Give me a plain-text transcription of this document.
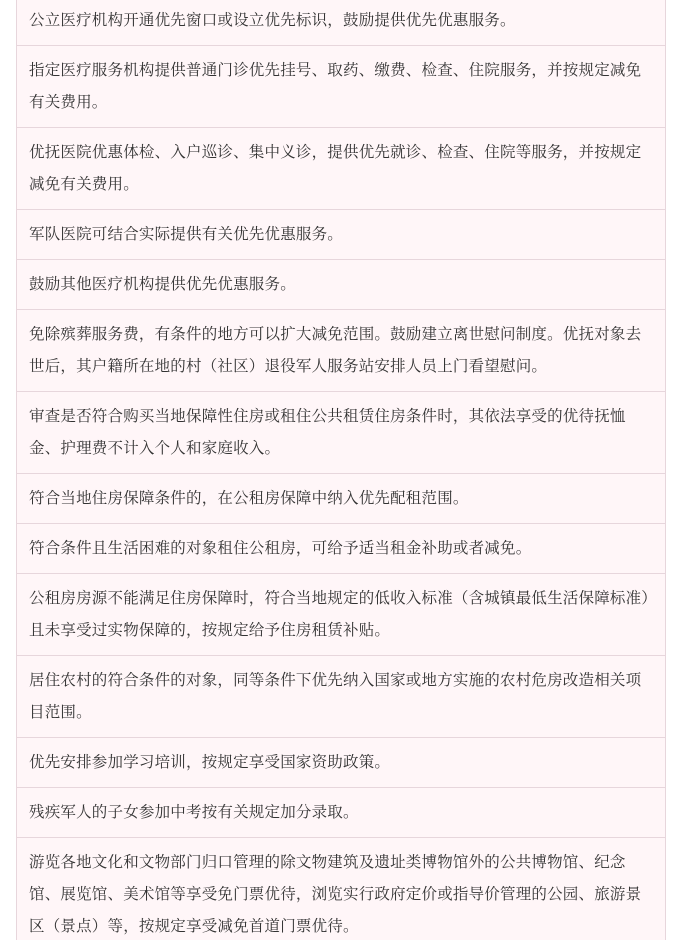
公立医疗机构开通优先窗口或设立优先标识，鼓励提供优先优惠服务。
指定医疗服务机构提供普通门诊优先挂号、取药、缴费、检查、住院服务，并按规定减免有关费用。
优抚医院优惠体检、入户巡诊、集中义诊，提供优先就诊、检查、住院等服务，并按规定减免有关费用。
军队医院可结合实际提供有关优先优惠服务。
鼓励其他医疗机构提供优先优惠服务。
免除殡葬服务费，有条件的地方可以扩大减免范围。鼓励建立离世慰问制度。优抚对象去世后，其户籍所在地的村（社区）退役军人服务站安排人员上门看望慰问。
审查是否符合购买当地保障性住房或租住公共租赁住房条件时，其依法享受的优待抚恤金、护理费不计入个人和家庭收入。
符合当地住房保障条件的，在公租房保障中纳入优先配租范围。
符合条件且生活困难的对象租住公租房，可给予适当租金补助或者减免。
公租房房源不能满足住房保障时，符合当地规定的低收入标准（含城镇最低生活保障标准）且未享受过实物保障的，按规定给予住房租赁补贴。
居住农村的符合条件的对象，同等条件下优先纳入国家或地方实施的农村危房改造相关项目范围。
优先安排参加学习培训，按规定享受国家资助政策。
残疾军人的子女参加中考按有关规定加分录取。
游览各地文化和文物部门归口管理的除文物建筑及遗址类博物馆外的公共博物馆、纪念馆、展览馆、美术馆等享受免门票优待，浏览实行政府定价或指导价管理的公园、旅游景区（景点）等，按规定享受减免首道门票优待。
